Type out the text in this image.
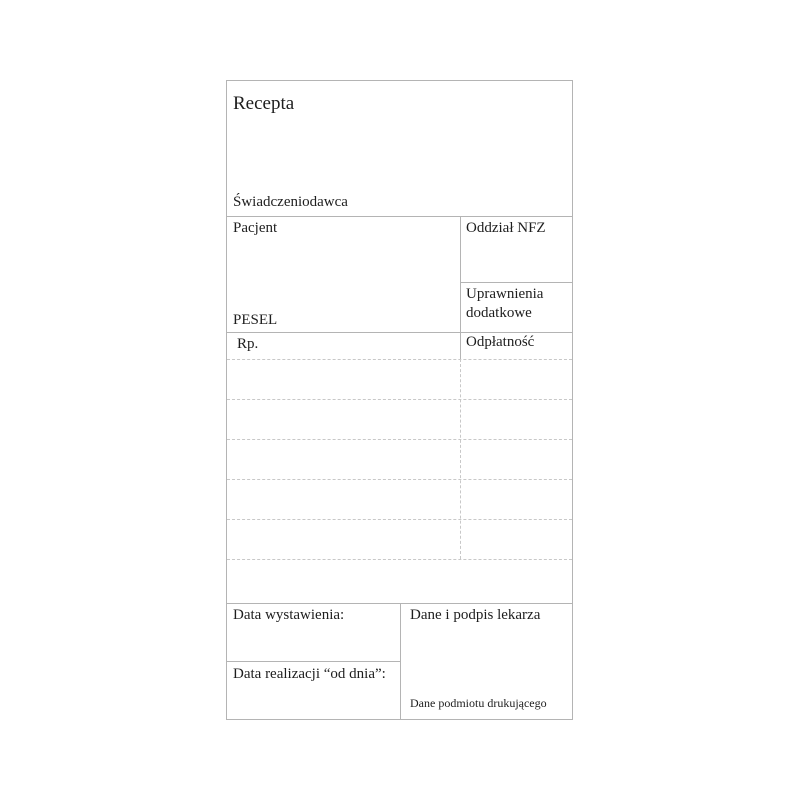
Recepta
Świadczeniodawca
Pacjent
PESEL
Oddział NFZ
Uprawnienia
dodatkowe
Rp.	Odpłatność
Data wystawienia:
Data realizacji “od dnia”:
Dane i podpis lekarza
Dane podmiotu drukującego
